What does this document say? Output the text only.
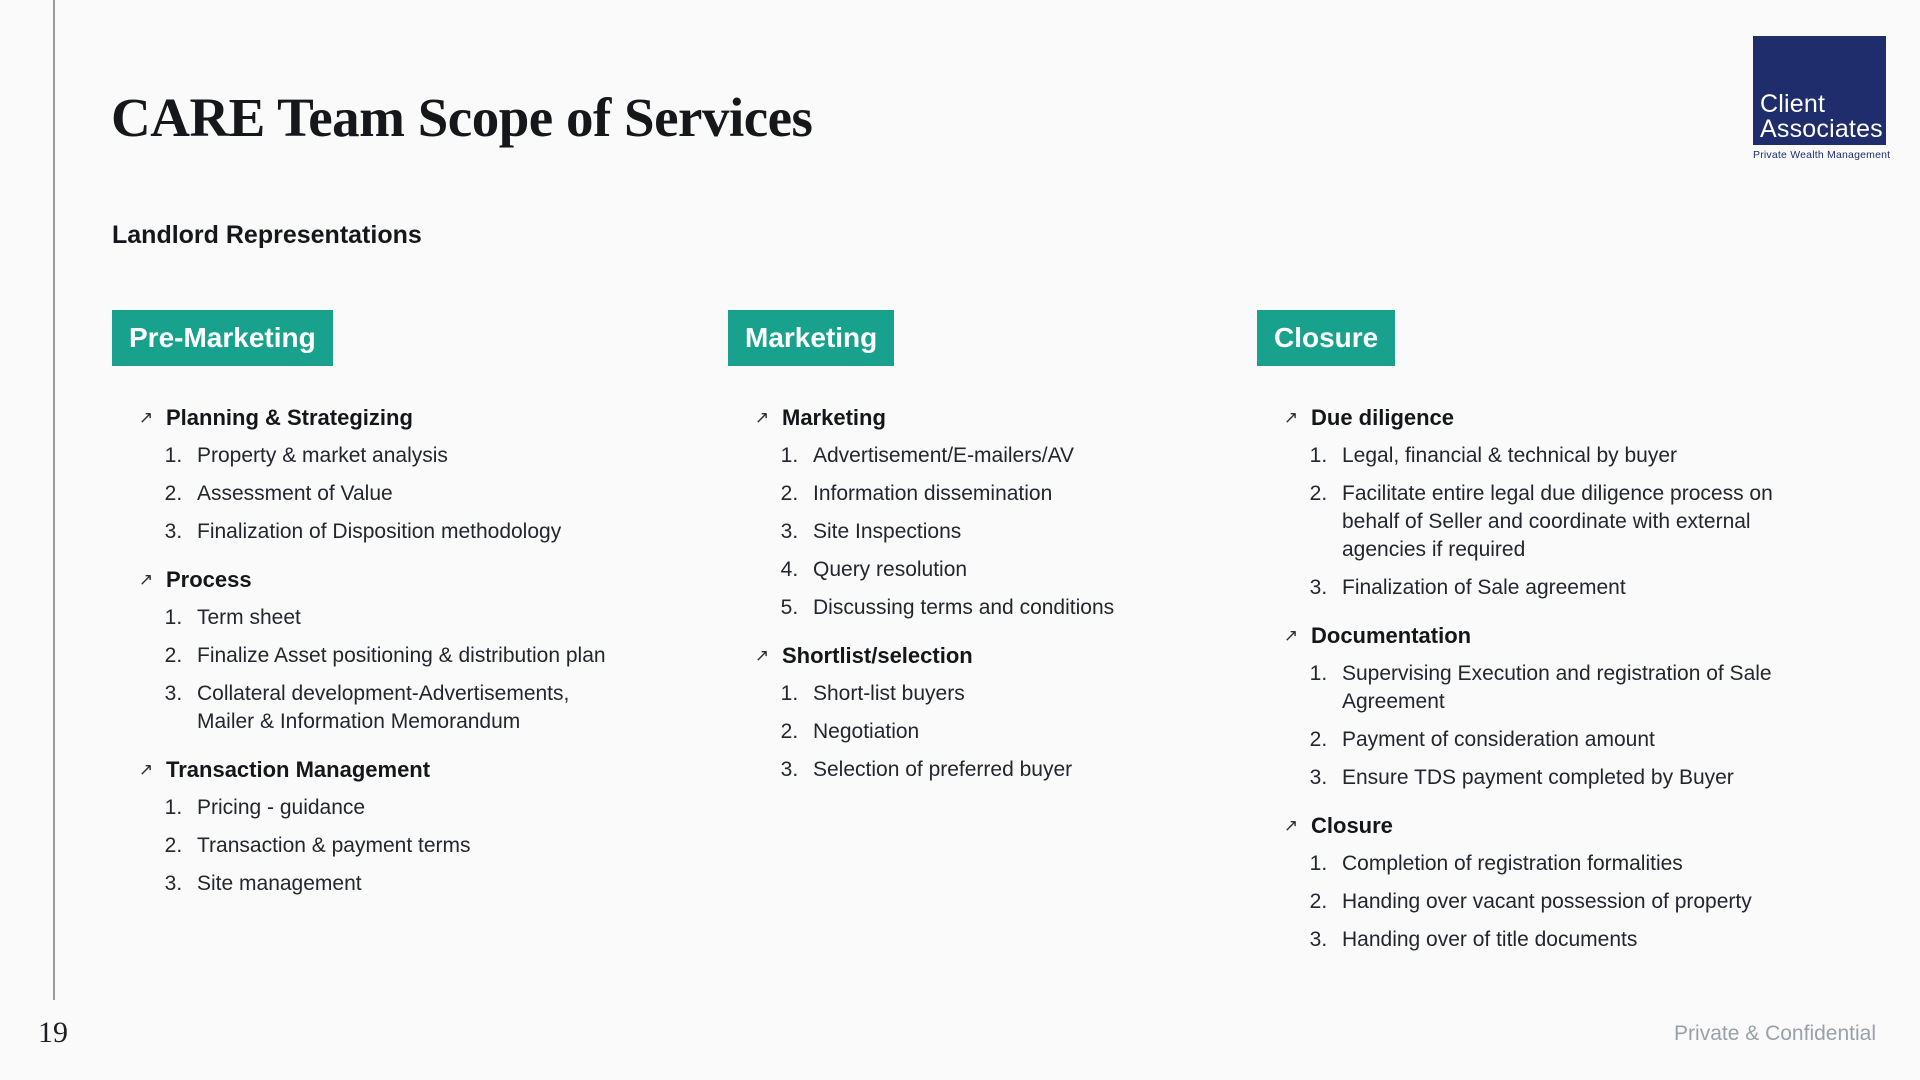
CARE Team Scope of Services
Landlord Representations
Client
Associates
Private Wealth Management
Pre-Marketing
↗ Planning & Strategizing
1. Property & market analysis
2. Assessment of Value
3. Finalization of Disposition methodology
↗ Process
1. Term sheet
2. Finalize Asset positioning & distribution plan
3. Collateral development-Advertisements, Mailer & Information Memorandum
↗ Transaction Management
1. Pricing - guidance
2. Transaction & payment terms
3. Site management
Marketing
↗ Marketing
1. Advertisement/E-mailers/AV
2. Information dissemination
3. Site Inspections
4. Query resolution
5. Discussing terms and conditions
↗ Shortlist/selection
1. Short-list buyers
2. Negotiation
3. Selection of preferred buyer
Closure
↗ Due diligence
1. Legal, financial & technical by buyer
2. Facilitate entire legal due diligence process on behalf of Seller and coordinate with external agencies if required
3. Finalization of Sale agreement
↗ Documentation
1. Supervising Execution and registration of Sale Agreement
2. Payment of consideration amount
3. Ensure TDS payment completed by Buyer
↗ Closure
1. Completion of registration formalities
2. Handing over vacant possession of property
3. Handing over of title documents
19	Private & Confidential
